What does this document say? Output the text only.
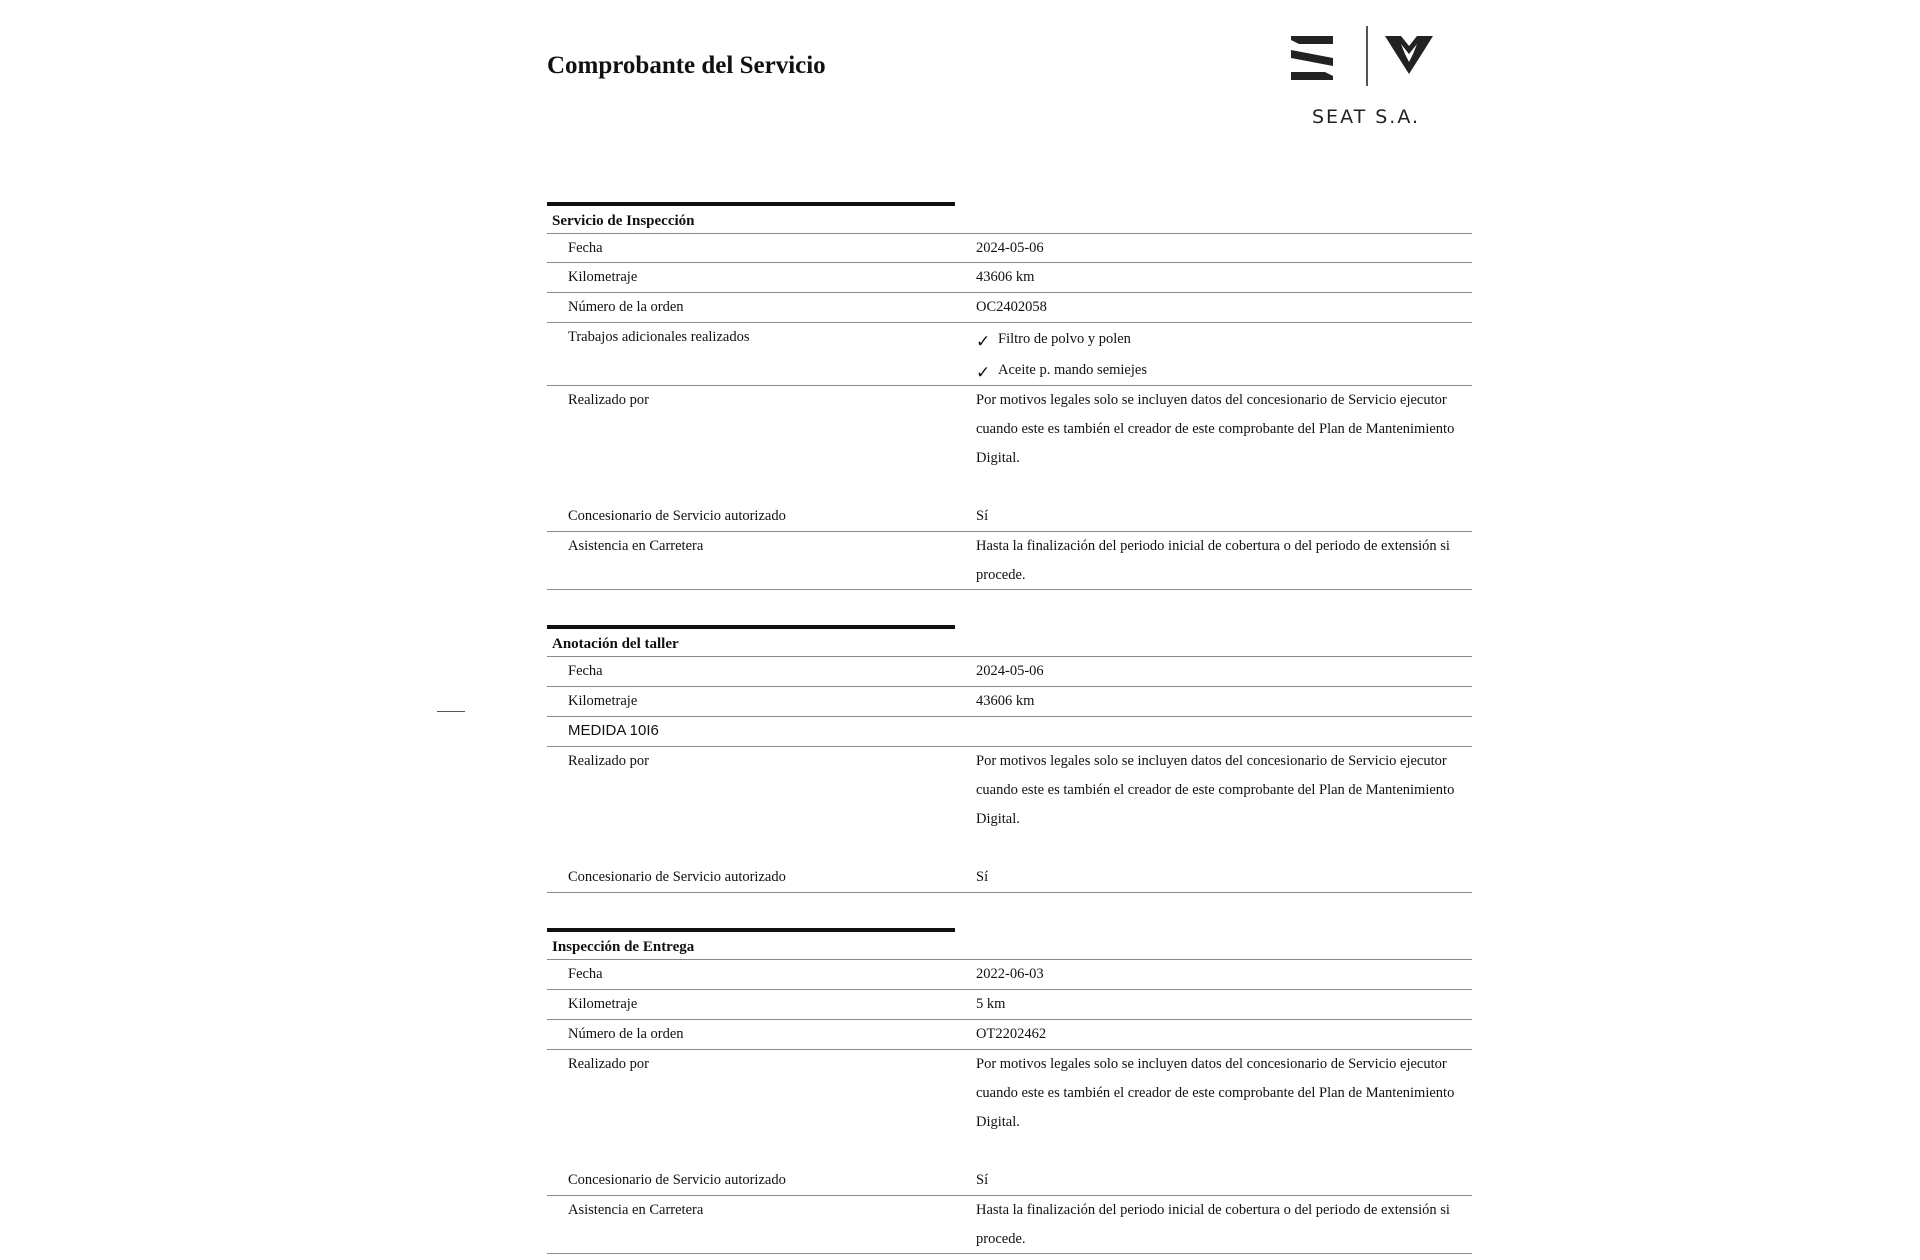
Comprobante del Servicio
SEAT S.A.
Servicio de Inspección
Fecha	2024-05-06
Kilometraje	43606 km
Número de la orden	OC2402058
Trabajos adicionales realizados	✓ Filtro de polvo y polen
✓ Aceite p. mando semiejes
Realizado por	Por motivos legales solo se incluyen datos del concesionario de Servicio ejecutor cuando este es también el creador de este comprobante del Plan de Mantenimiento Digital.
Concesionario de Servicio autorizado	Sí
Asistencia en Carretera	Hasta la finalización del periodo inicial de cobertura o del periodo de extensión si procede.
Anotación del taller
Fecha	2024-05-06
Kilometraje	43606 km
MEDIDA 10I6
Realizado por	Por motivos legales solo se incluyen datos del concesionario de Servicio ejecutor cuando este es también el creador de este comprobante del Plan de Mantenimiento Digital.
Concesionario de Servicio autorizado	Sí
Inspección de Entrega
Fecha	2022-06-03
Kilometraje	5 km
Número de la orden	OT2202462
Realizado por	Por motivos legales solo se incluyen datos del concesionario de Servicio ejecutor cuando este es también el creador de este comprobante del Plan de Mantenimiento Digital.
Concesionario de Servicio autorizado	Sí
Asistencia en Carretera	Hasta la finalización del periodo inicial de cobertura o del periodo de extensión si procede.
